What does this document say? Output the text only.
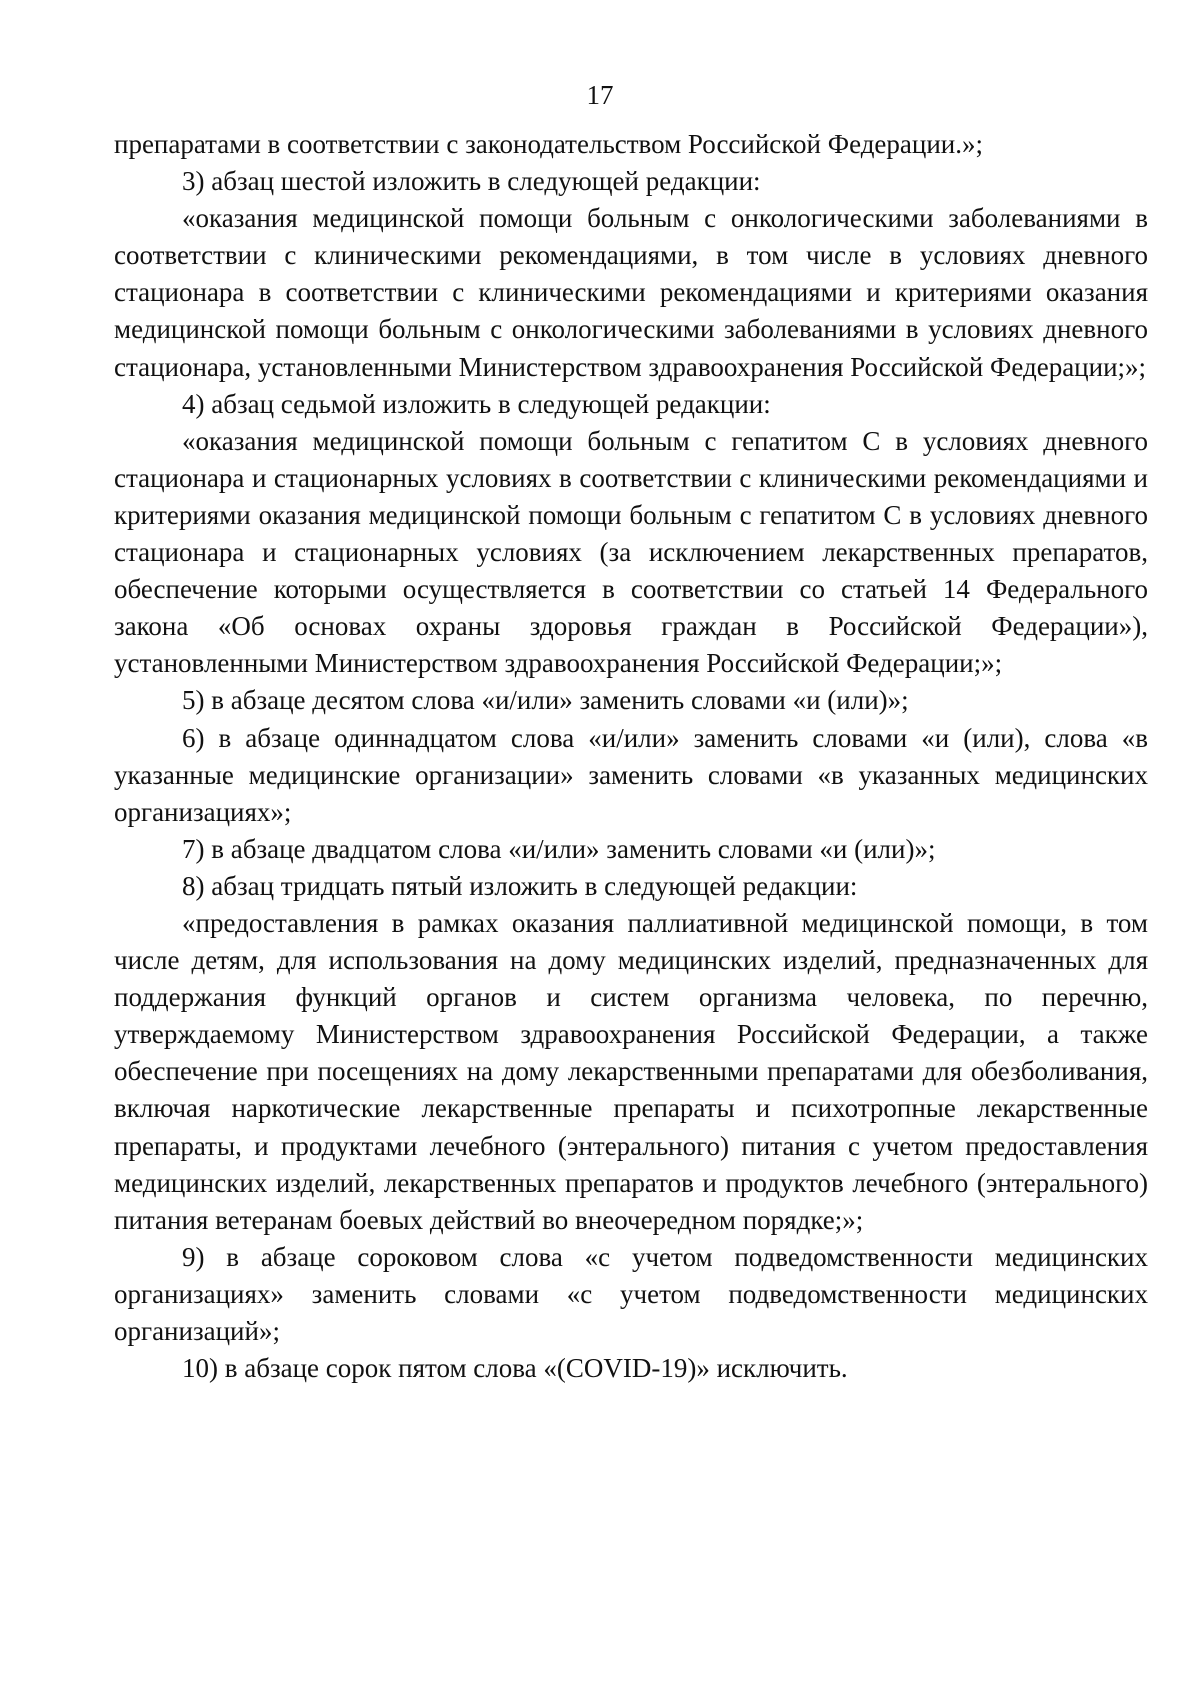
17

препаратами в соответствии с законодательством Российской Федерации.»;

3) абзац шестой изложить в следующей редакции:

«оказания медицинской помощи больным с онкологическими заболеваниями в соответствии с клиническими рекомендациями, в том числе в условиях дневного стационара в соответствии с клиническими рекомендациями и критериями оказания медицинской помощи больным с онкологическими заболеваниями в условиях дневного стационара, установленными Министерством здравоохранения Российской Федерации;»;

4) абзац седьмой изложить в следующей редакции:

«оказания медицинской помощи больным с гепатитом С в условиях дневного стационара и стационарных условиях в соответствии с клиническими рекомендациями и критериями оказания медицинской помощи больным с гепатитом С в условиях дневного стационара и стационарных условиях (за исключением лекарственных препаратов, обеспечение которыми осуществляется в соответствии со статьей 14 Федерального закона «Об основах охраны здоровья граждан в Российской Федерации»), установленными Министерством здравоохранения Российской Федерации;»;

5) в абзаце десятом слова «и/или» заменить словами «и (или)»;

6) в абзаце одиннадцатом слова «и/или» заменить словами «и (или), слова «в указанные медицинские организации» заменить словами «в указанных медицинских организациях»;

7) в абзаце двадцатом слова «и/или» заменить словами «и (или)»;

8) абзац тридцать пятый изложить в следующей редакции:

«предоставления в рамках оказания паллиативной медицинской помощи, в том числе детям, для использования на дому медицинских изделий, предназначенных для поддержания функций органов и систем организма человека, по перечню, утверждаемому Министерством здравоохранения Российской Федерации, а также обеспечение при посещениях на дому лекарственными препаратами для обезболивания, включая наркотические лекарственные препараты и психотропные лекарственные препараты, и продуктами лечебного (энтерального) питания с учетом предоставления медицинских изделий, лекарственных препаратов и продуктов лечебного (энтерального) питания ветеранам боевых действий во внеочередном порядке;»;

9) в абзаце сороковом слова «с учетом подведомственности медицинских организациях» заменить словами «с учетом подведомственности медицинских организаций»;

10) в абзаце сорок пятом слова «(COVID-19)» исключить.
